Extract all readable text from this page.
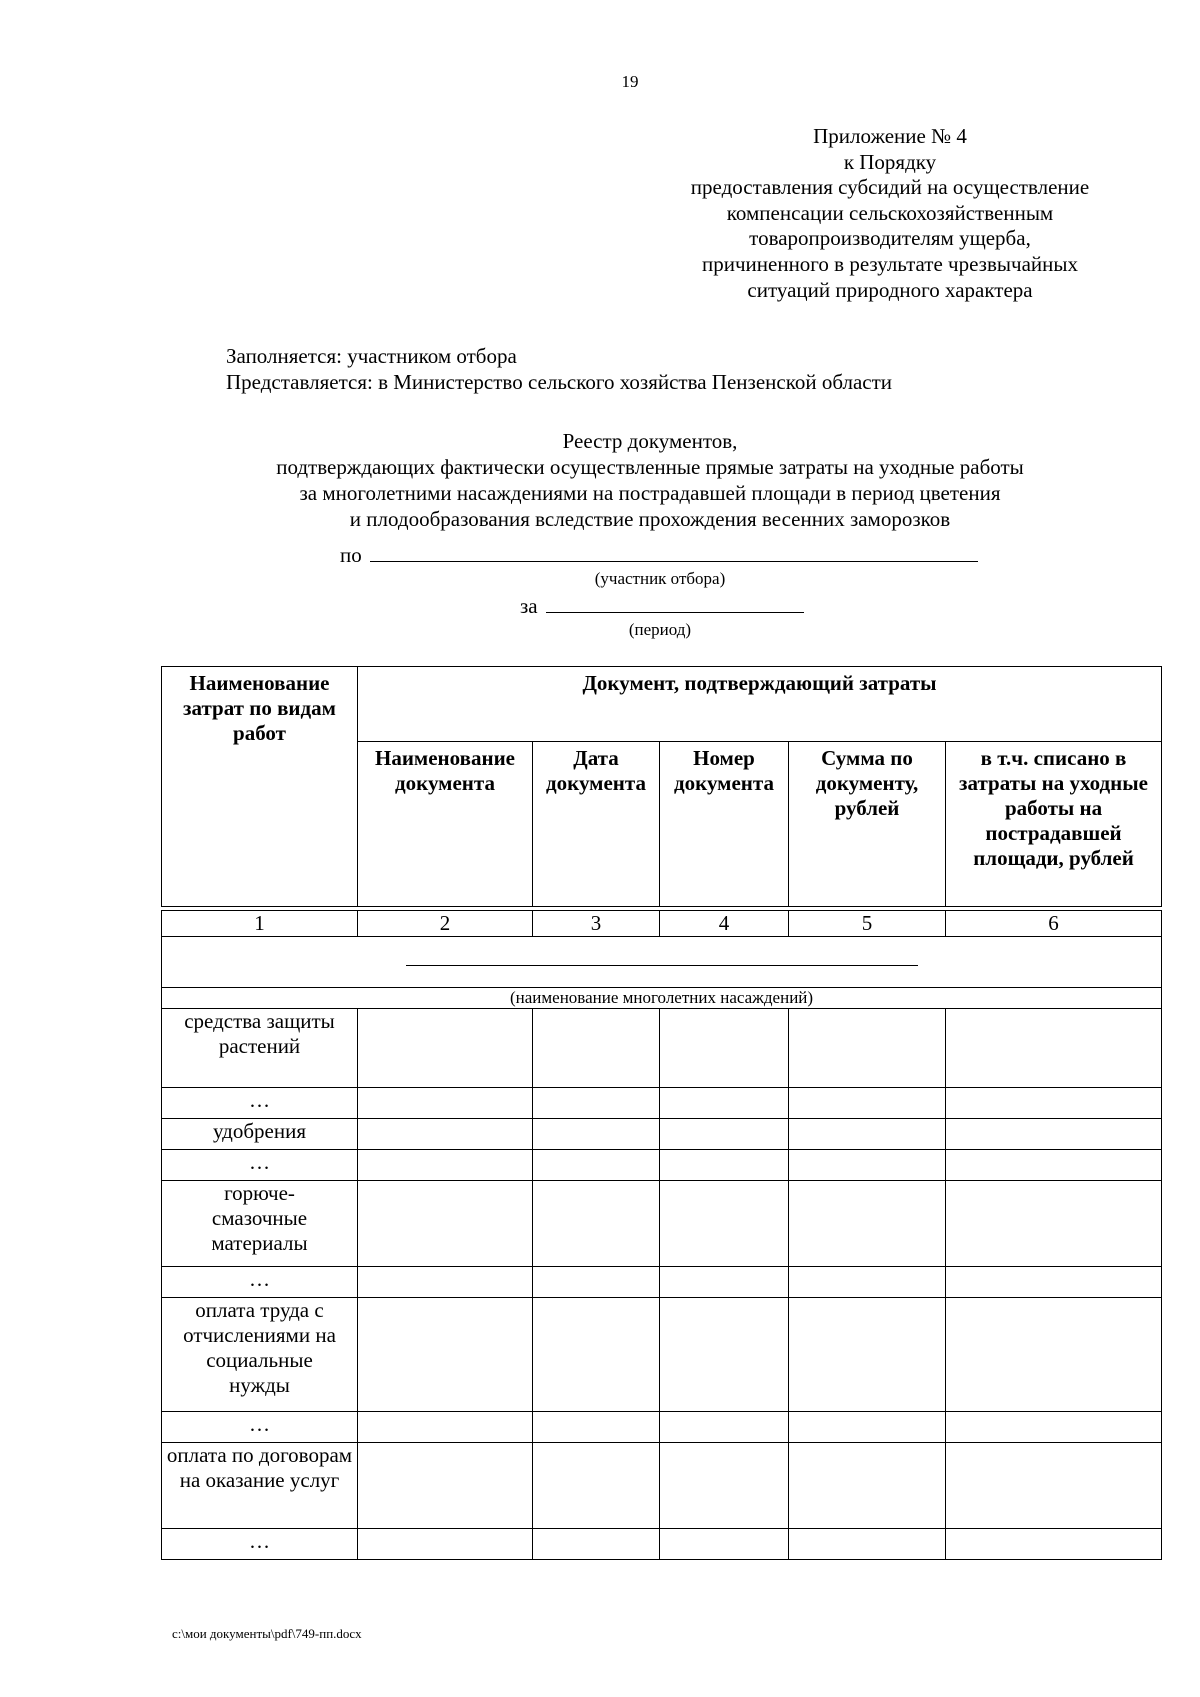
19
Приложение № 4
к Порядку
предоставления субсидий на осуществление
компенсации сельскохозяйственным
товаропроизводителям ущерба,
причиненного в результате чрезвычайных
ситуаций природного характера
Заполняется: участником отбора
Представляется: в Министерство сельского хозяйства Пензенской области
Реестр документов,
подтверждающих фактически осуществленные прямые затраты на уходные работы
за многолетними насаждениями на пострадавшей площади в период цветения
и плодообразования вследствие прохождения весенних заморозков
по
(участник отбора)
за
(период)
Наименование затрат по видам работ	Документ, подтверждающий затраты				
	Наименование документа	Дата документа	Номер документа	Сумма по документу, рублей	в т.ч. списано в затраты на уходные работы на пострадавшей площади, рублей

1	2	3	4	5	6

(наименование многолетних насаждений)					
средства защиты растений					
…					
удобрения					
…					
горюче-смазочные материалы					
…					
оплата труда с отчислениями на социальные нужды					
…					
оплата по договорам на оказание услуг					
…					
c:\мои документы\pdf\749-пп.docx
